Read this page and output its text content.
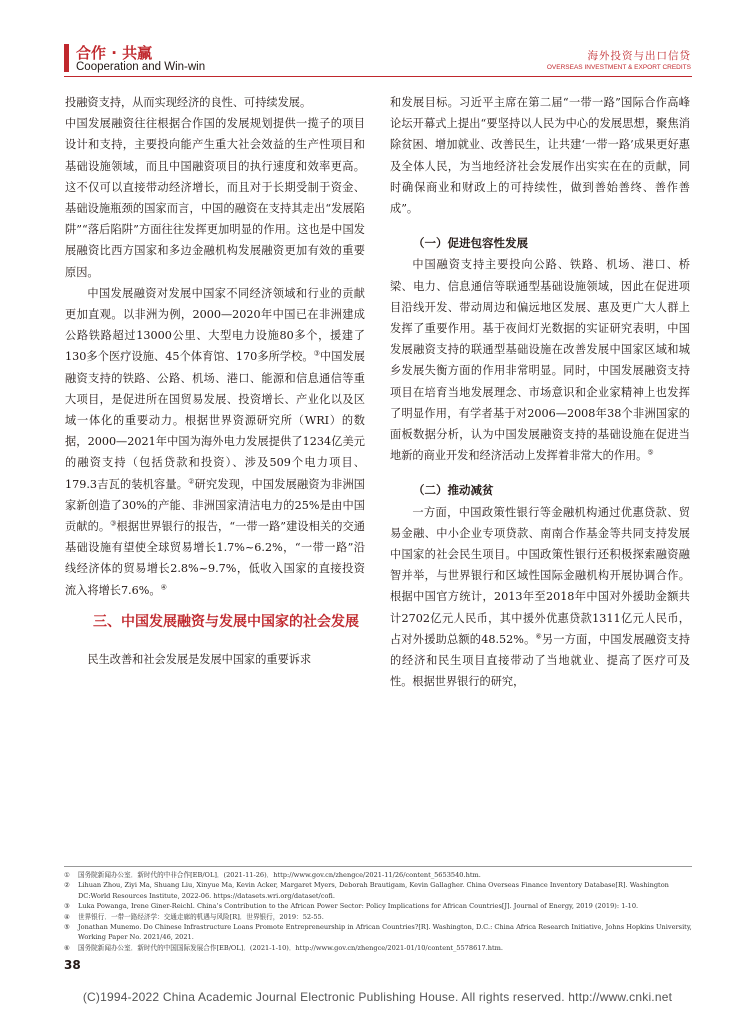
合作 · 共赢
Cooperation and Win-win
海外投资与出口信贷
OVERSEAS INVESTMENT & EXPORT CREDITS

投融资支持，从而实现经济的良性、可持续发展。

中国发展融资往往根据合作国的发展规划提供一揽子的项目设计和支持，主要投向能产生重大社会效益的生产性项目和基础设施领域，而且中国融资项目的执行速度和效率更高。这不仅可以直接带动经济增长，而且对于长期受制于资金、基础设施瓶颈的国家而言，中国的融资在支持其走出“发展陷阱”“落后陷阱”方面往往发挥更加明显的作用。这也是中国发展融资比西方国家和多边金融机构发展融资更加有效的重要原因。

中国发展融资对发展中国家不同经济领域和行业的贡献更加直观。以非洲为例，2000—2020年中国已在非洲建成公路铁路超过13000公里、大型电力设施80多个，援建了130多个医疗设施、45个体育馆、170多所学校。③中国发展融资支持的铁路、公路、机场、港口、能源和信息通信等重大项目，是促进所在国贸易发展、投资增长、产业化以及区域一体化的重要动力。根据世界资源研究所（WRI）的数据，2000—2021年中国为海外电力发展提供了1234亿美元的融资支持（包括贷款和投资）、涉及509个电力项目、179.3吉瓦的装机容量。②研究发现，中国发展融资为非洲国家新创造了30%的产能、非洲国家清洁电力的25%是由中国贡献的。③根据世界银行的报告，“一带一路”建设相关的交通基础设施有望使全球贸易增长1.7%~6.2%，“一带一路”沿线经济体的贸易增长2.8%~9.7%，低收入国家的直接投资流入将增长7.6%。④

三、中国发展融资与发展中国家的社会发展

民生改善和社会发展是发展中国家的重要诉求

和发展目标。习近平主席在第二届“一带一路”国际合作高峰论坛开幕式上提出“要坚持以人民为中心的发展思想，聚焦消除贫困、增加就业、改善民生，让共建‘一带一路’成果更好惠及全体人民，为当地经济社会发展作出实实在在的贡献，同时确保商业和财政上的可持续性，做到善始善终、善作善成”。

（一）促进包容性发展

中国融资支持主要投向公路、铁路、机场、港口、桥梁、电力、信息通信等联通型基础设施领域，因此在促进项目沿线开发、带动周边和偏远地区发展、惠及更广大人群上发挥了重要作用。基于夜间灯光数据的实证研究表明，中国发展融资支持的联通型基础设施在改善发展中国家区域和城乡发展失衡方面的作用非常明显。同时，中国发展融资支持项目在培育当地发展理念、市场意识和企业家精神上也发挥了明显作用，有学者基于对2006—2008年38个非洲国家的面板数据分析，认为中国发展融资支持的基础设施在促进当地新的商业开发和经济活动上发挥着非常大的作用。⑤

（二）推动减贫

一方面，中国政策性银行等金融机构通过优惠贷款、贸易金融、中小企业专项贷款、南南合作基金等共同支持发展中国家的社会民生项目。中国政策性银行还积极探索融资融智并举，与世界银行和区域性国际金融机构开展协调合作。根据中国官方统计，2013年至2018年中国对外援助金额共计2702亿元人民币，其中援外优惠贷款1311亿元人民币，占对外援助总额的48.52%。⑥另一方面，中国发展融资支持的经济和民生项目直接带动了当地就业、提高了医疗可及性。根据世界银行的研究，

①	国务院新闻办公室．新时代的中非合作[EB/OL]．(2021-11-26)．http://www.gov.cn/zhengce/2021-11/26/content_5653540.htm.
②	Lihuan Zhou, Ziyi Ma, Shuang Liu, Xinyue Ma, Kevin Acker, Margaret Myers, Deborah Brautigam, Kevin Gallagher. China Overseas Finance Inventory Database[R]. Washington DC:World Resources Institute, 2022-06. https://datasets.wri.org/dataset/cofi.
③	Luka Powanga, Irene Giner-Reichl. China’s Contribution to the African Power Sector: Policy Implications for African Countries[J]. Journal of Energy, 2019 (2019): 1-10.
④	世界银行．一带一路经济学：交通走廊的机遇与风险[R]．世界银行，2019：52-55.
⑤	Jonathan Munemo. Do Chinese Infrastructure Loans Promote Entrepreneurship in African Countries?[R]. Washington, D.C.: China Africa Research Initiative, Johns Hopkins University, Working Paper No. 2021/46, 2021.
⑥	国务院新闻办公室．新时代的中国国际发展合作[EB/OL]．(2021-1-10)．http://www.gov.cn/zhengce/2021-01/10/content_5578617.htm.
38
(C)1994-2022 China Academic Journal Electronic Publishing House. All rights reserved. http://www.cnki.net
